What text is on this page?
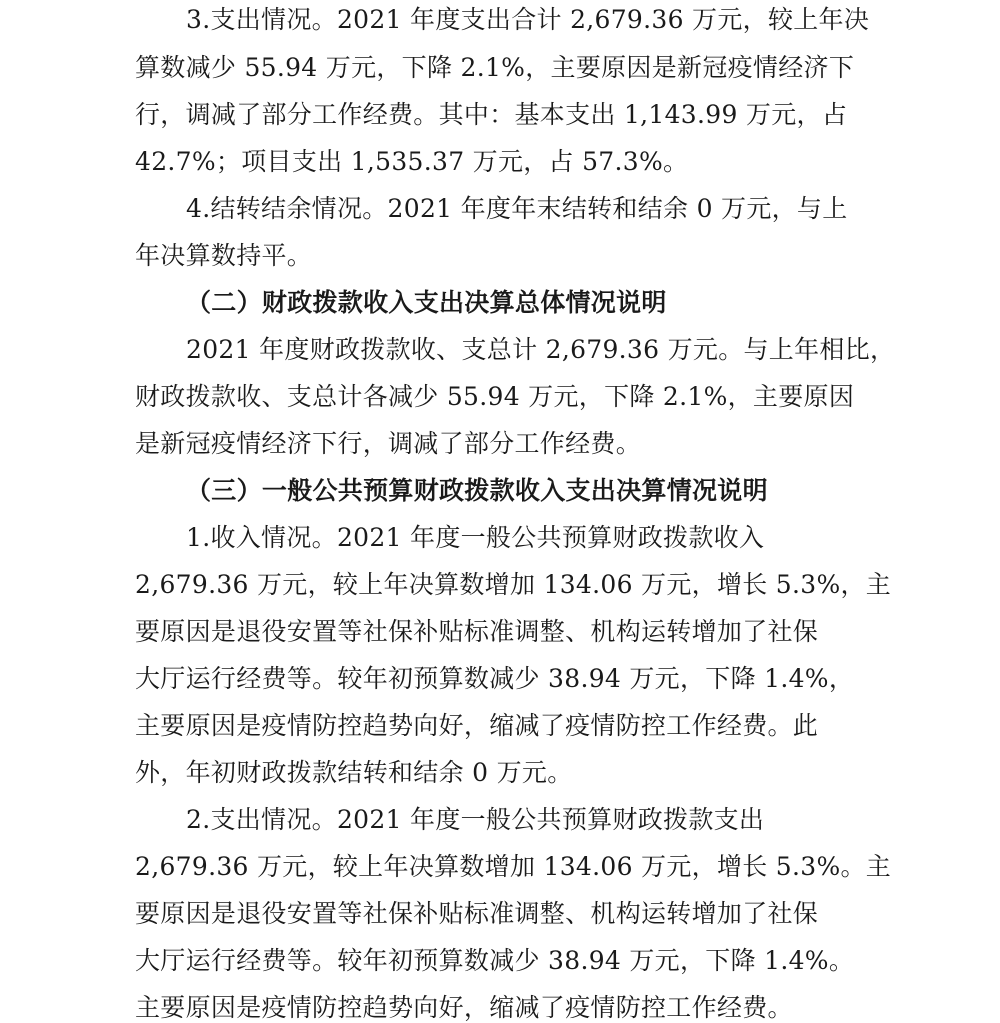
3.支出情况。2021 年度支出合计 2,679.36 万元，较上年决
算数减少 55.94 万元，下降 2.1%，主要原因是新冠疫情经济下
行，调减了部分工作经费。其中：基本支出 1,143.99 万元，占
42.7%；项目支出 1,535.37 万元，占 57.3%。
4.结转结余情况。2021 年度年末结转和结余 0 万元，与上
年决算数持平。
（二）财政拨款收入支出决算总体情况说明
2021 年度财政拨款收、支总计 2,679.36 万元。与上年相比，
财政拨款收、支总计各减少 55.94 万元，下降 2.1%，主要原因
是新冠疫情经济下行，调减了部分工作经费。
（三）一般公共预算财政拨款收入支出决算情况说明
1.收入情况。2021 年度一般公共预算财政拨款收入
2,679.36 万元，较上年决算数增加 134.06 万元，增长 5.3%，主
要原因是退役安置等社保补贴标准调整、机构运转增加了社保
大厅运行经费等。较年初预算数减少 38.94 万元，下降 1.4%，
主要原因是疫情防控趋势向好，缩减了疫情防控工作经费。此
外，年初财政拨款结转和结余 0 万元。
2.支出情况。2021 年度一般公共预算财政拨款支出
2,679.36 万元，较上年决算数增加 134.06 万元，增长 5.3%。主
要原因是退役安置等社保补贴标准调整、机构运转增加了社保
大厅运行经费等。较年初预算数减少 38.94 万元，下降 1.4%。
主要原因是疫情防控趋势向好，缩减了疫情防控工作经费。
